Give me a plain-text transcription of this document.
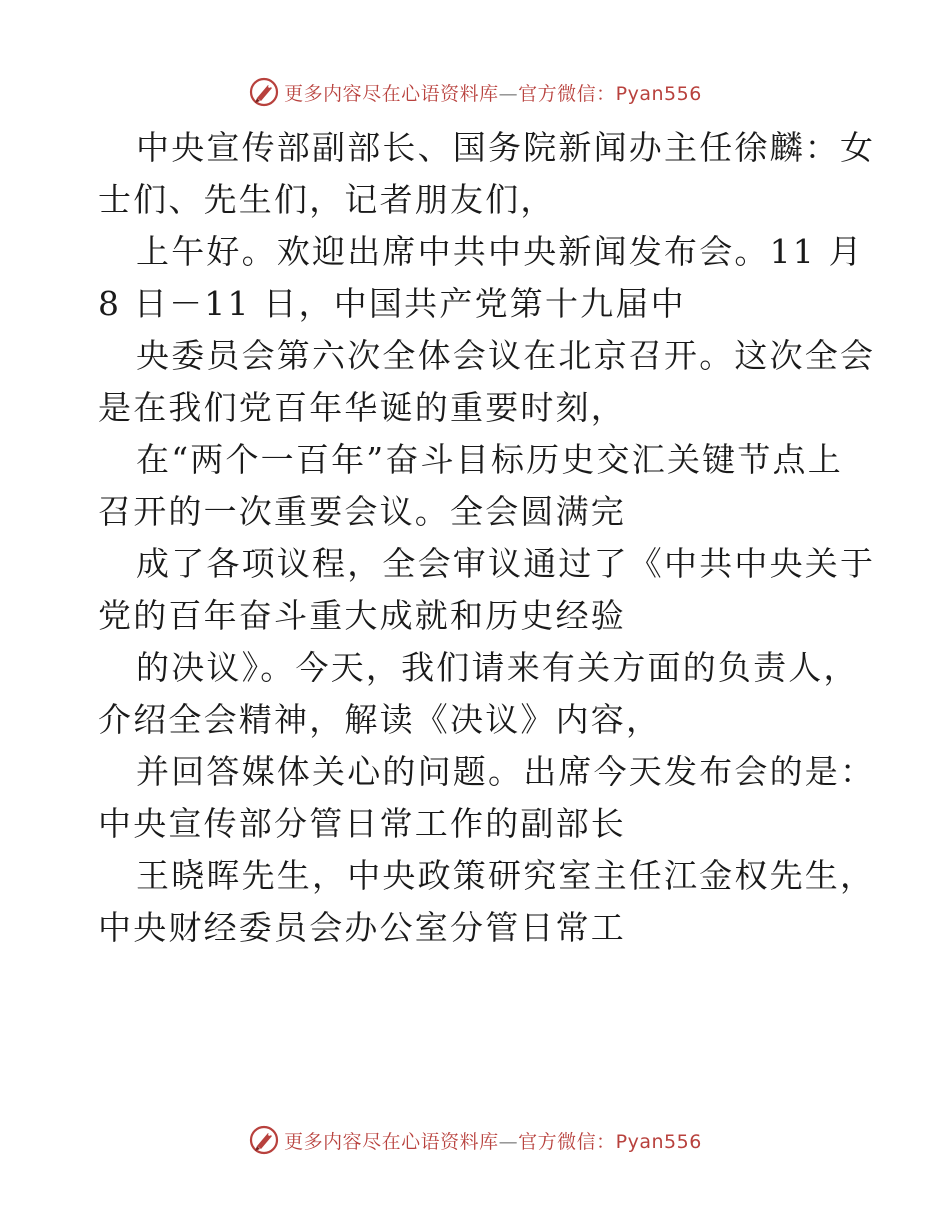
更多内容尽在心语资料库—官方微信：Pyan556
中央宣传部副部长、国务院新闻办主任徐麟：女
士们、先生们，记者朋友们，
上午好。欢迎出席中共中央新闻发布会。11 月
8 日－11 日，中国共产党第十九届中
央委员会第六次全体会议在北京召开。这次全会
是在我们党百年华诞的重要时刻，
在“两个一百年”奋斗目标历史交汇关键节点上
召开的一次重要会议。全会圆满完
成了各项议程，全会审议通过了《中共中央关于
党的百年奋斗重大成就和历史经验
的决议》。今天，我们请来有关方面的负责人，
介绍全会精神，解读《决议》内容，
并回答媒体关心的问题。出席今天发布会的是：
中央宣传部分管日常工作的副部长
王晓晖先生，中央政策研究室主任江金权先生，
中央财经委员会办公室分管日常工
更多内容尽在心语资料库—官方微信：Pyan556
